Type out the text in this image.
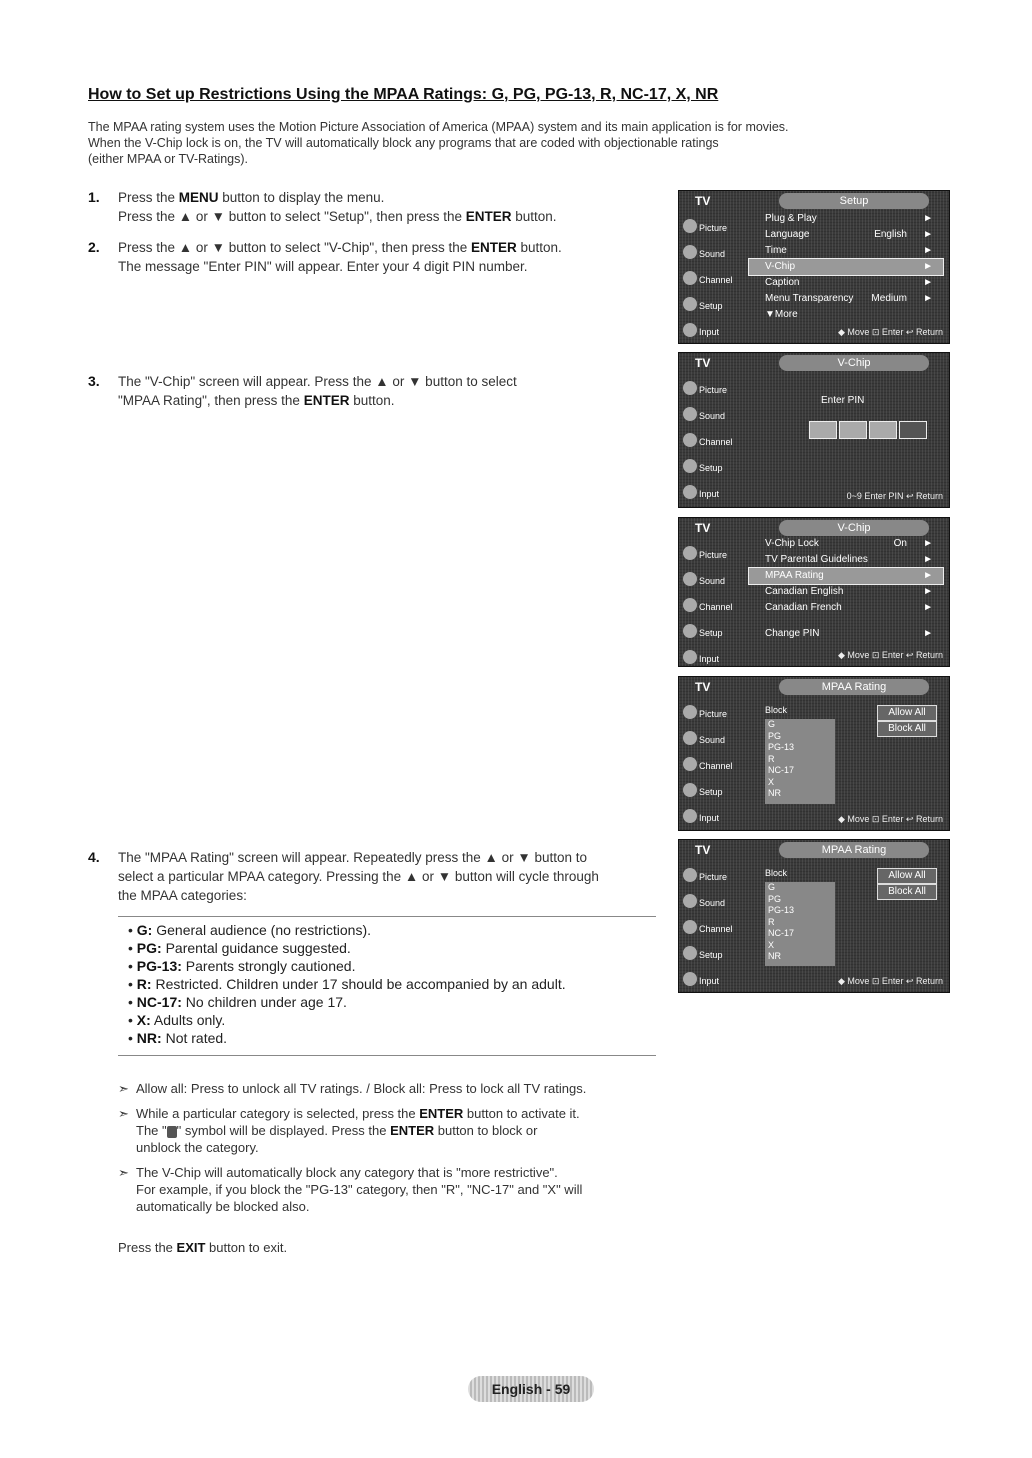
How to Set up Restrictions Using the MPAA Ratings: G, PG, PG-13, R, NC-17, X, NR
The MPAA rating system uses the Motion Picture Association of America (MPAA) system and its main application is for movies.
When the V-Chip lock is on, the TV will automatically block any programs that are coded with objectionable ratings
(either MPAA or TV-Ratings).
1. Press the MENU button to display the menu.

Press the ▲ or ▼ button to select "Setup", then press the ENTER button.

2. Press the ▲ or ▼ button to select "V-Chip", then press the ENTER button.

The message "Enter PIN" will appear. Enter your 4 digit PIN number.

3. The "V-Chip" screen will appear. Press the ▲ or ▼ button to select

"MPAA Rating", then press the ENTER button.

4. The "MPAA Rating" screen will appear. Repeatedly press the ▲ or ▼ button to

select a particular MPAA category. Pressing the ▲ or ▼ button will cycle through

the MPAA categories:

• G: General audience (no restrictions).
• PG: Parental guidance suggested.
• PG-13: Parents strongly cautioned.
• R: Restricted. Children under 17 should be accompanied by an adult.
• NC-17: No children under age 17.
• X: Adults only.
• NR: Not rated.
➣ Allow all: Press to unlock all TV ratings. / Block all: Press to lock all TV ratings.
➣ While a particular category is selected, press the ENTER button to activate it.
The " " symbol will be displayed. Press the ENTER button to block or
unblock the category.
➣ The V-Chip will automatically block any category that is "more restrictive".
For example, if you block the "PG-13" category, then "R", "NC-17" and "X" will
automatically be blocked also.
Press the EXIT button to exit.
English - 59
TV	Setup
Picture
Sound
Channel
Setup
Input
Plug & Play	►
Language	English ►
Time	►
V-Chip	►
Caption	►
Menu Transparency Medium ►
▼More
◆ Move ⊡ Enter ↩ Return
TV	V-Chip
Picture
Sound
Channel
Setup
Input
Enter PIN
0~9 Enter PIN ↩ Return
TV	V-Chip
Picture
Sound
Channel
Setup
Input
V-Chip Lock	On ►
TV Parental Guidelines	►
MPAA Rating	►
Canadian English	►
Canadian French	►
Change PIN	►
◆ Move ⊡ Enter ↩ Return
TV	MPAA Rating
Picture
Sound
Channel
Setup
Input
Block
G
PG
PG-13
R
NC-17
X
NR
Allow All
Block All
◆ Move ⊡ Enter ↩ Return
TV	MPAA Rating
Picture
Sound
Channel
Setup
Input
Block
G
PG
PG-13
R
NC-17
X
NR
Allow All
Block All
◆ Move ⊡ Enter ↩ Return
